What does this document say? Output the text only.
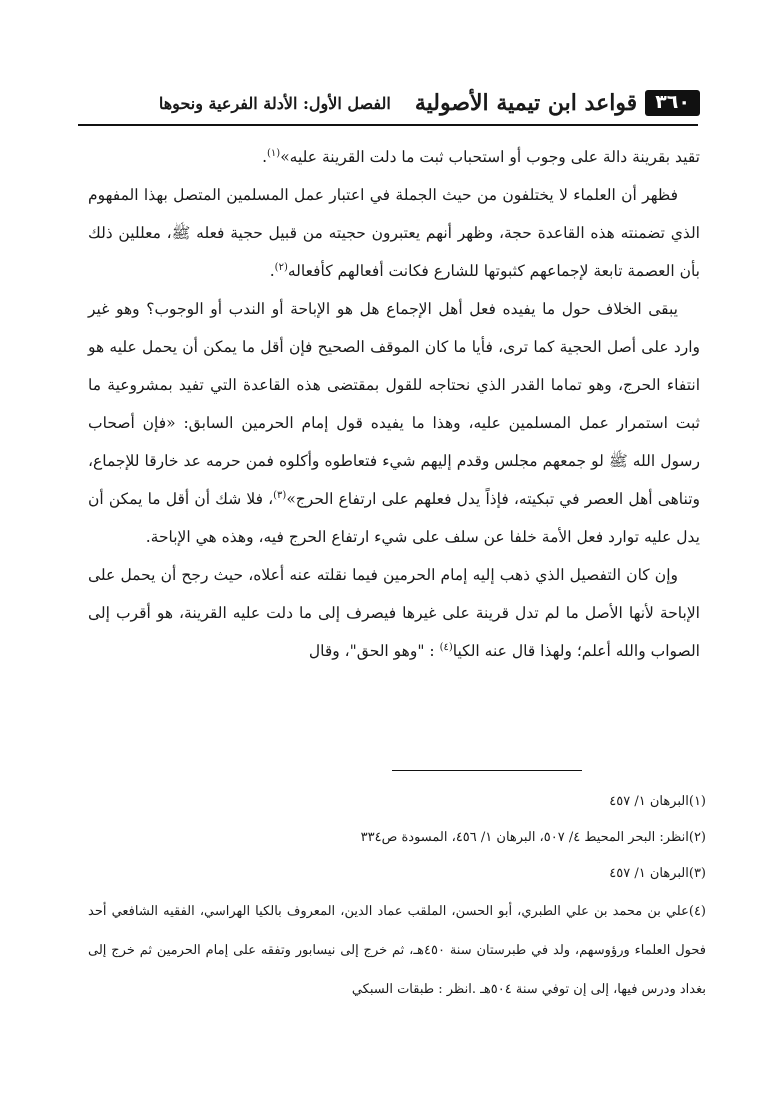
٣٦٠
قواعد ابن تيمية الأصولية
الفصل الأول: الأدلة الفرعية ونحوها

تقيد بقرينة دالة على وجوب أو استحباب ثبت ما دلت القرينة عليه»$^{(١)}$.

فظهر أن العلماء لا يختلفون من حيث الجملة في اعتبار عمل المسلمين المتصل بهذا المفهوم الذي تضمنته هذه القاعدة حجة، وظهر أنهم يعتبرون حجيته من قبيل حجية فعله ﷺ، معللين ذلك بأن العصمة تابعة لإجماعهم كثبوتها للشارع فكانت أفعالهم كأفعاله$^{(٢)}$.

يبقى الخلاف حول ما يفيده فعل أهل الإجماع هل هو الإباحة أو الندب أو الوجوب؟ وهو غير وارد على أصل الحجية كما ترى، فأيا ما كان الموقف الصحيح فإن أقل ما يمكن أن يحمل عليه هو انتفاء الحرج، وهو تماما القدر الذي نحتاجه للقول بمقتضى هذه القاعدة التي تفيد بمشروعية ما ثبت استمرار عمل المسلمين عليه، وهذا ما يفيده قول إمام الحرمين السابق: «فإن أصحاب رسول الله ﷺ لو جمعهم مجلس وقدم إليهم شيء فتعاطوه وأكلوه فمن حرمه عد خارقا للإجماع، وتناهى أهل العصر في تبكيته، فإذاً يدل فعلهم على ارتفاع الحرج»$^{(٣)}$، فلا شك أن أقل ما يمكن أن يدل عليه توارد فعل الأمة خلفا عن سلف على شيء ارتفاع الحرج فيه، وهذه هي الإباحة.

وإن كان التفصيل الذي ذهب إليه إمام الحرمين فيما نقلته عنه أعلاه، حيث رجح أن يحمل على الإباحة لأنها الأصل ما لم تدل قرينة على غيرها فيصرف إلى ما دلت عليه القرينة، هو أقرب إلى الصواب والله أعلم؛ ولهذا قال عنه الكيا$^{(٤)}$ : "وهو الحق"، وقال

(١)البرهان ١/ ٤٥٧

(٢)انظر: البحر المحيط ٤/ ٥٠٧، البرهان ١/ ٤٥٦، المسودة ص٣٣٤

(٣)البرهان ١/ ٤٥٧

(٤)علي بن محمد بن علي الطبري، أبو الحسن، الملقب عماد الدين، المعروف بالكيا الهراسي، الفقيه الشافعي أحد فحول العلماء ورؤوسهم، ولد في طبرستان سنة ٤٥٠هـ، ثم خرج إلى نيسابور وتفقه على إمام الحرمين ثم خرج إلى بغداد ودرس فيها، إلى إن توفي سنة ٥٠٤هـ .انظر : طبقات السبكي
